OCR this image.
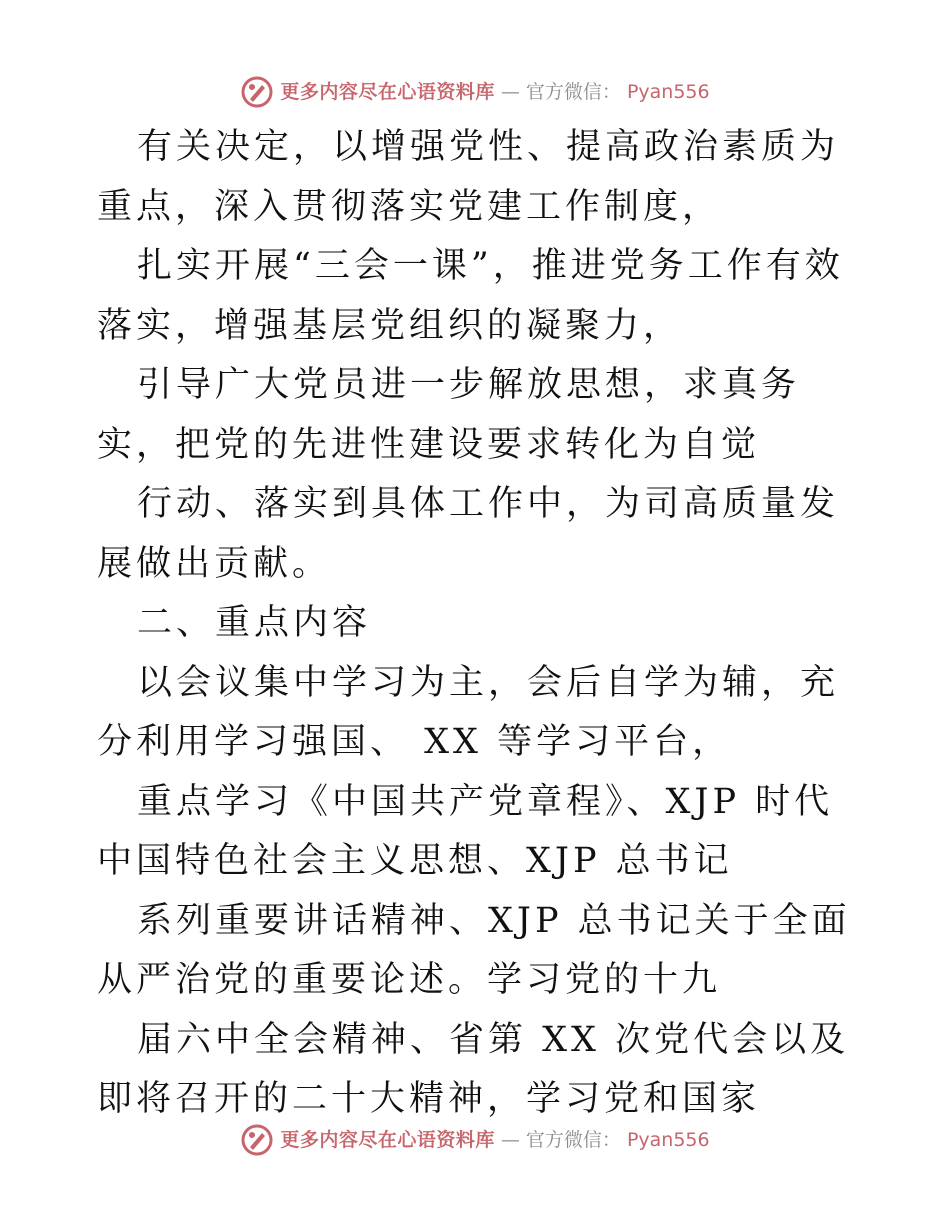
更多内容尽在心语资料库 — 官方微信： Pyan556

有关决定，以增强党性、提高政治素质为重点，深入贯彻落实党建工作制度，

扎实开展“三会一课”，推进党务工作有效落实，增强基层党组织的凝聚力，

引导广大党员进一步解放思想，求真务实，把党的先进性建设要求转化为自觉

行动、落实到具体工作中，为司高质量发展做出贡献。

二、重点内容

以会议集中学习为主，会后自学为辅，充分利用学习强国、 XX 等学习平台，

重点学习《中国共产党章程》、XJP 时代中国特色社会主义思想、XJP 总书记

系列重要讲话精神、XJP 总书记关于全面从严治党的重要论述。学习党的十九

届六中全会精神、省第 XX 次党代会以及即将召开的二十大精神，学习党和国家

更多内容尽在心语资料库 — 官方微信： Pyan556
